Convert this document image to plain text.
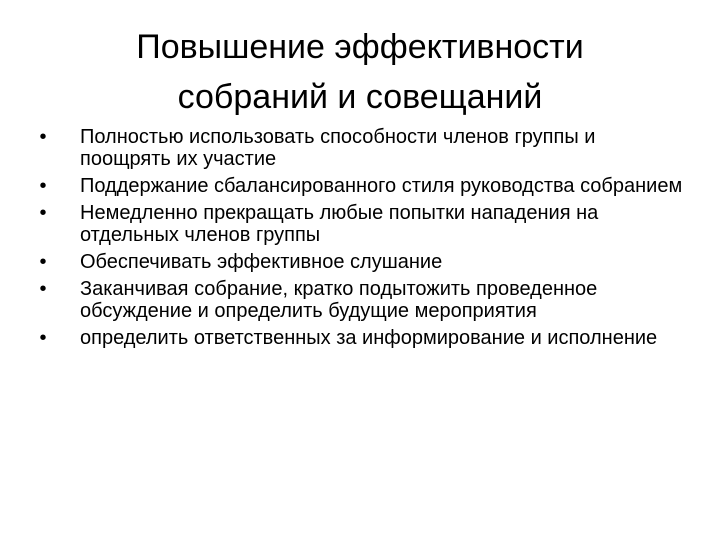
Повышение эффективности
собраний и совещаний
• Полностью использовать способности членов группы и поощрять их участие
• Поддержание сбалансированного стиля руководства собранием
• Немедленно прекращать любые попытки нападения на отдельных членов группы
• Обеспечивать эффективное слушание
• Заканчивая собрание, кратко подытожить проведенное обсуждение и определить будущие мероприятия
• определить ответственных за информирование и исполнение
